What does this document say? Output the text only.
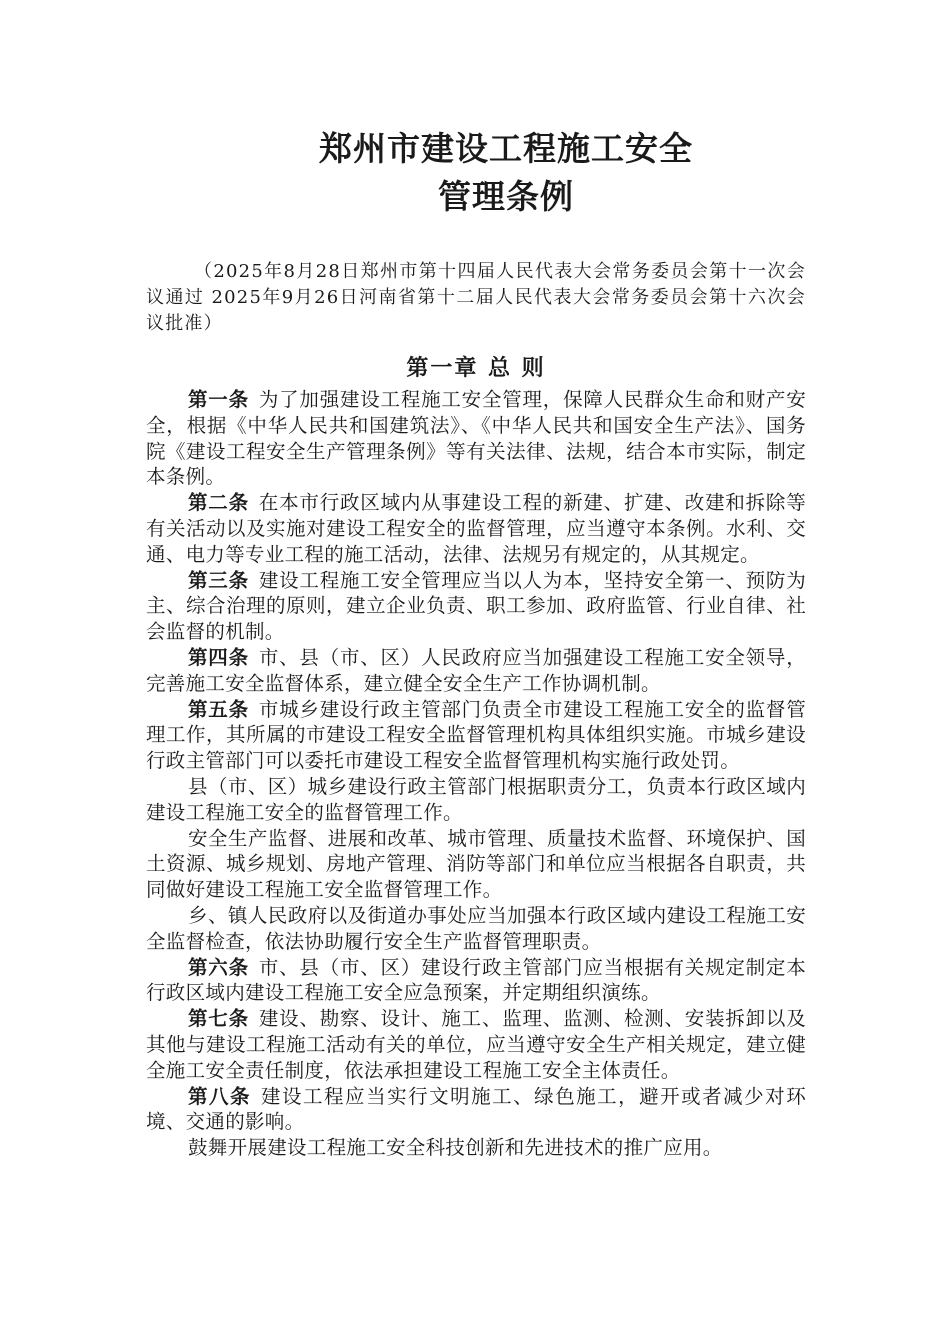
郑州市建设工程施工安全
管理条例

（2025年8月28日郑州市第十四届人民代表大会常务委员会第十一次会议通过 2025年9月26日河南省第十二届人民代表大会常务委员会第十六次会议批准）

第一章 总 则

第一条 为了加强建设工程施工安全管理，保障人民群众生命和财产安全，根据《中华人民共和国建筑法》、《中华人民共和国安全生产法》、国务院《建设工程安全生产管理条例》等有关法律、法规，结合本市实际，制定本条例。

第二条 在本市行政区域内从事建设工程的新建、扩建、改建和拆除等有关活动以及实施对建设工程安全的监督管理，应当遵守本条例。水利、交通、电力等专业工程的施工活动，法律、法规另有规定的，从其规定。

第三条 建设工程施工安全管理应当以人为本，坚持安全第一、预防为主、综合治理的原则，建立企业负责、职工参加、政府监管、行业自律、社会监督的机制。

第四条 市、县（市、区）人民政府应当加强建设工程施工安全领导，完善施工安全监督体系，建立健全安全生产工作协调机制。

第五条 市城乡建设行政主管部门负责全市建设工程施工安全的监督管理工作，其所属的市建设工程安全监督管理机构具体组织实施。市城乡建设行政主管部门可以委托市建设工程安全监督管理机构实施行政处罚。

县（市、区）城乡建设行政主管部门根据职责分工，负责本行政区域内建设工程施工安全的监督管理工作。

安全生产监督、进展和改革、城市管理、质量技术监督、环境保护、国土资源、城乡规划、房地产管理、消防等部门和单位应当根据各自职责，共同做好建设工程施工安全监督管理工作。

乡、镇人民政府以及街道办事处应当加强本行政区域内建设工程施工安全监督检查，依法协助履行安全生产监督管理职责。

第六条 市、县（市、区）建设行政主管部门应当根据有关规定制定本行政区域内建设工程施工安全应急预案，并定期组织演练。

第七条 建设、勘察、设计、施工、监理、监测、检测、安装拆卸以及其他与建设工程施工活动有关的单位，应当遵守安全生产相关规定，建立健全施工安全责任制度，依法承担建设工程施工安全主体责任。

第八条 建设工程应当实行文明施工、绿色施工，避开或者减少对环境、交通的影响。

鼓舞开展建设工程施工安全科技创新和先进技术的推广应用。
